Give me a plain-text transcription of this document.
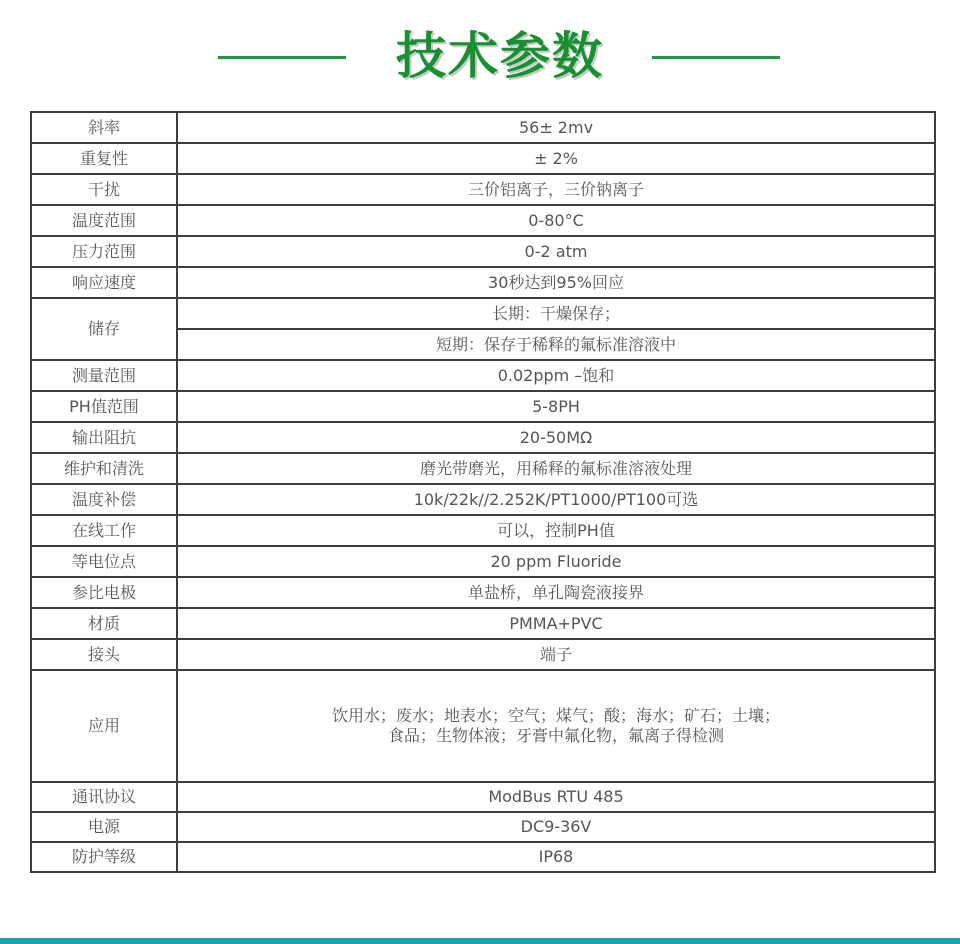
技术参数
斜率	56± 2mv
重复性	± 2%
干扰	三价铝离子，三价钠离子
温度范围	0-80°C
压力范围	0-2 atm
响应速度	30秒达到95%回应
储存	长期：干燥保存；
	短期：保存于稀释的氟标准溶液中
测量范围	0.02ppm –饱和
PH值范围	5-8PH
输出阻抗	20-50MΩ
维护和清洗	磨光带磨光，用稀释的氟标准溶液处理
温度补偿	10k/22k//2.252K/PT1000/PT100可选
在线工作	可以，控制PH值
等电位点	20 ppm Fluoride
参比电极	单盐桥，单孔陶瓷液接界
材质	PMMA+PVC
接头	端子
应用	饮用水；废水；地表水；空气；煤气；酸；海水；矿石；土壤；
食品；生物体液；牙膏中氟化物，氟离子得检测

通讯协议	ModBus RTU 485
电源	DC9-36V
防护等级	IP68
